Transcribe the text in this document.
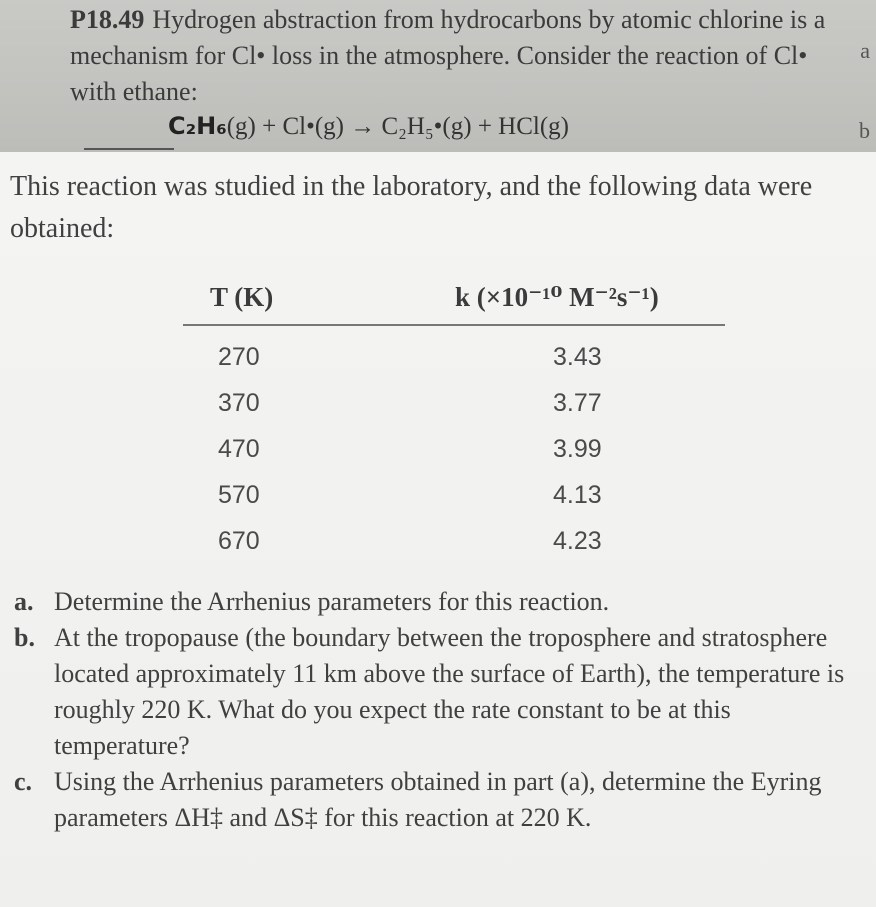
P18.49 Hydrogen abstraction from hydrocarbons by atomic chlorine is a mechanism for Cl• loss in the atmosphere. Consider the reaction of Cl• with ethane:
C₂H₆(g) + Cl•(g) → C₂H₅•(g) + HCl(g)
a
b
This reaction was studied in the laboratory, and the following data were obtained:
T (K)	k (×10⁻¹⁰ M⁻²s⁻¹)
270
370
470
570
670
3.43
3.77
3.99
4.13
4.23
a. Determine the Arrhenius parameters for this reaction.
b. At the tropopause (the boundary between the troposphere and stratosphere located approximately 11 km above the surface of Earth), the temperature is roughly 220 K. What do you expect the rate constant to be at this temperature?
c. Using the Arrhenius parameters obtained in part (a), determine the Eyring parameters ΔH‡ and ΔS‡ for this reaction at 220 K.
